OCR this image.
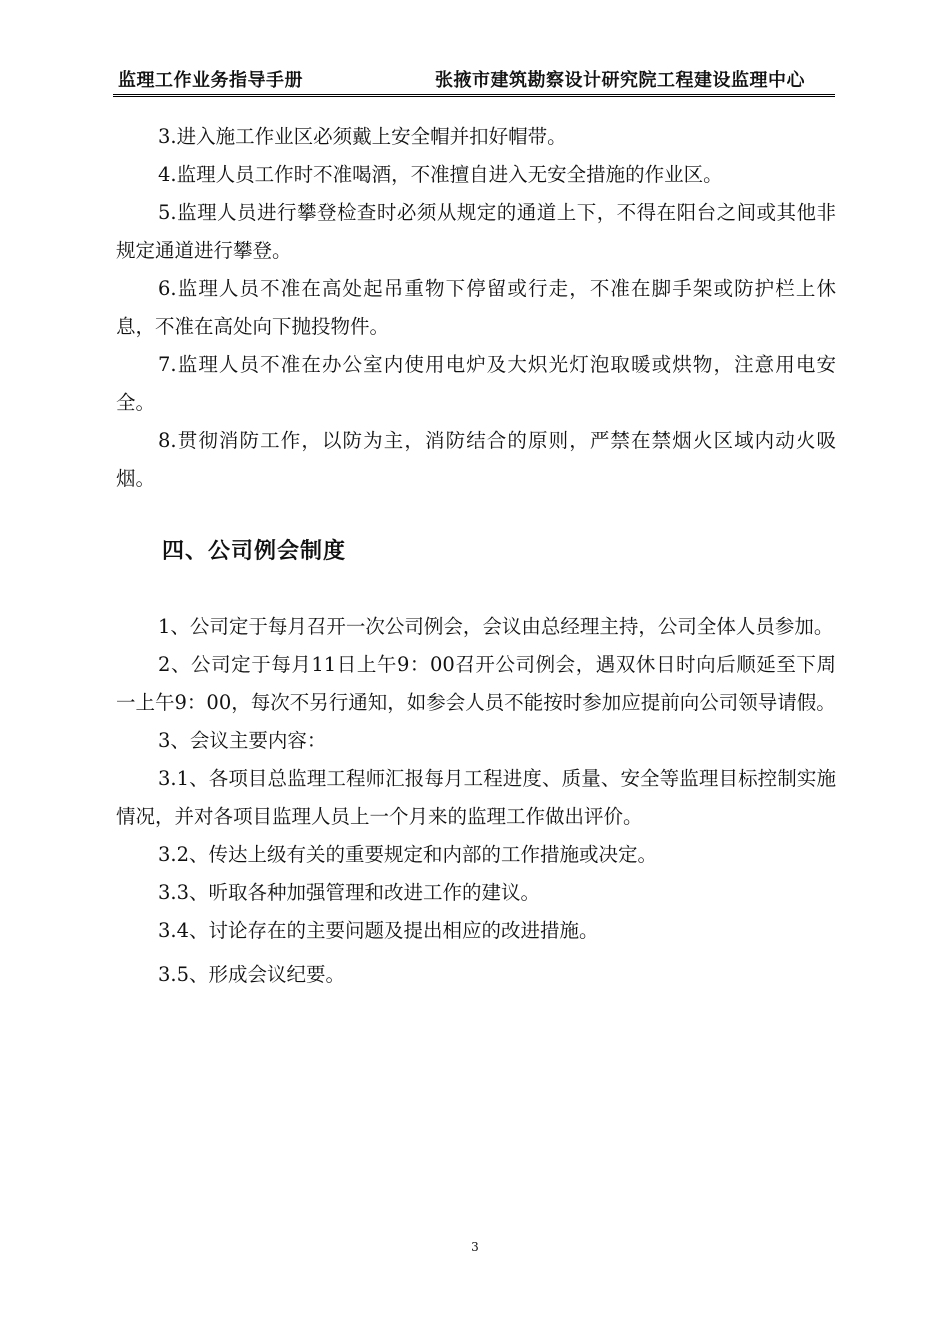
监理工作业务指导手册	张掖市建筑勘察设计研究院工程建设监理中心

3.进入施工作业区必须戴上安全帽并扣好帽带。

4.监理人员工作时不准喝酒，不准擅自进入无安全措施的作业区。

5.监理人员进行攀登检查时必须从规定的通道上下，不得在阳台之间或其他非规定通道进行攀登。

6.监理人员不准在高处起吊重物下停留或行走，不准在脚手架或防护栏上休息，不准在高处向下抛投物件。

7.监理人员不准在办公室内使用电炉及大炽光灯泡取暖或烘物，注意用电安全。

8.贯彻消防工作，以防为主，消防结合的原则，严禁在禁烟火区域内动火吸烟。

四、公司例会制度

1、公司定于每月召开一次公司例会，会议由总经理主持，公司全体人员参加。

2、公司定于每月11日上午9：00召开公司例会，遇双休日时向后顺延至下周一上午9：00，每次不另行通知，如参会人员不能按时参加应提前向公司领导请假。

3、会议主要内容：

3.1、各项目总监理工程师汇报每月工程进度、质量、安全等监理目标控制实施情况，并对各项目监理人员上一个月来的监理工作做出评价。

3.2、传达上级有关的重要规定和内部的工作措施或决定。

3.3、听取各种加强管理和改进工作的建议。

3.4、讨论存在的主要问题及提出相应的改进措施。

3.5、形成会议纪要。

3
